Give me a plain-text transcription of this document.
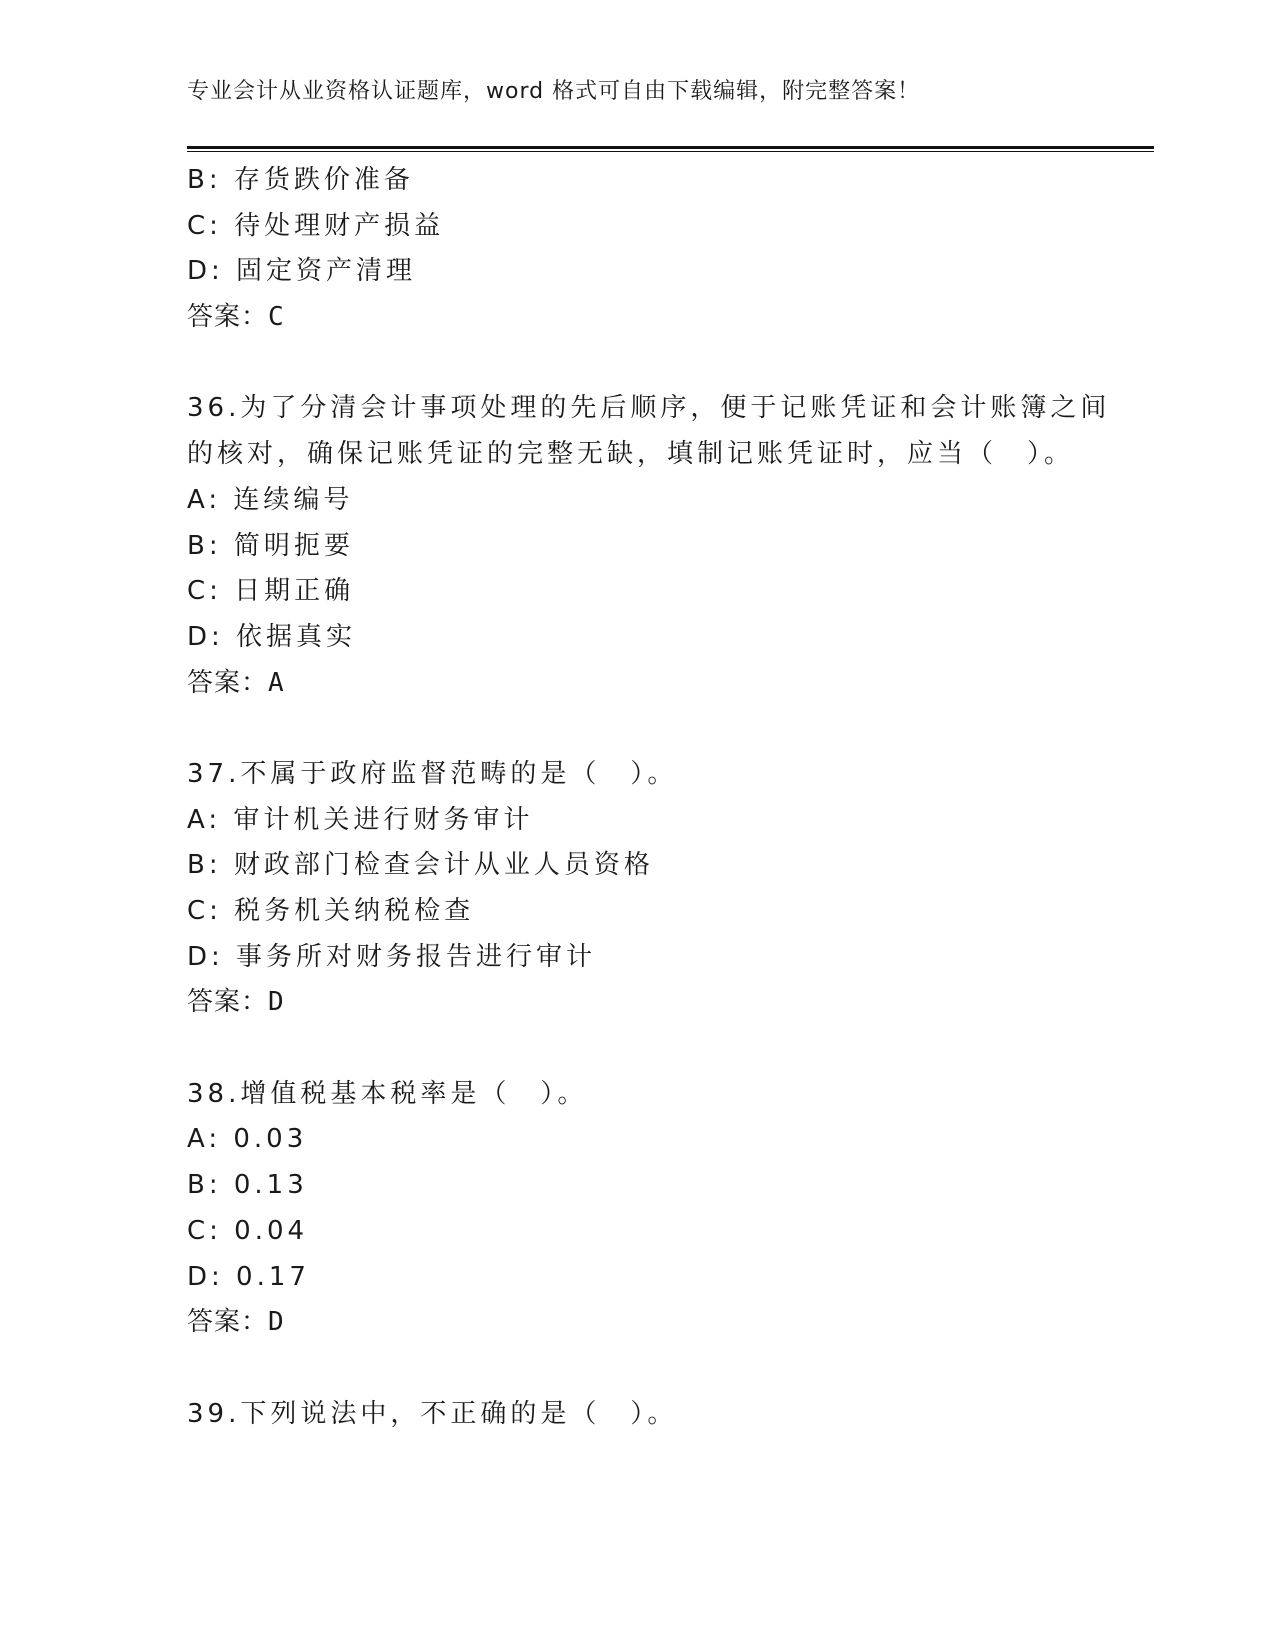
专业会计从业资格认证题库，word 格式可自由下载编辑，附完整答案！
B: 存货跌价准备
C: 待处理财产损益
D: 固定资产清理
答案：C
36.为了分清会计事项处理的先后顺序，便于记账凭证和会计账簿之间
的核对，确保记账凭证的完整无缺，填制记账凭证时，应当（　）。
A: 连续编号
B: 简明扼要
C: 日期正确
D: 依据真实
答案：A
37.不属于政府监督范畴的是（　）。
A: 审计机关进行财务审计
B: 财政部门检查会计从业人员资格
C: 税务机关纳税检查
D: 事务所对财务报告进行审计
答案：D
38.增值税基本税率是（　）。
A: 0.03
B: 0.13
C: 0.04
D: 0.17
答案：D
39.下列说法中，不正确的是（　）。
